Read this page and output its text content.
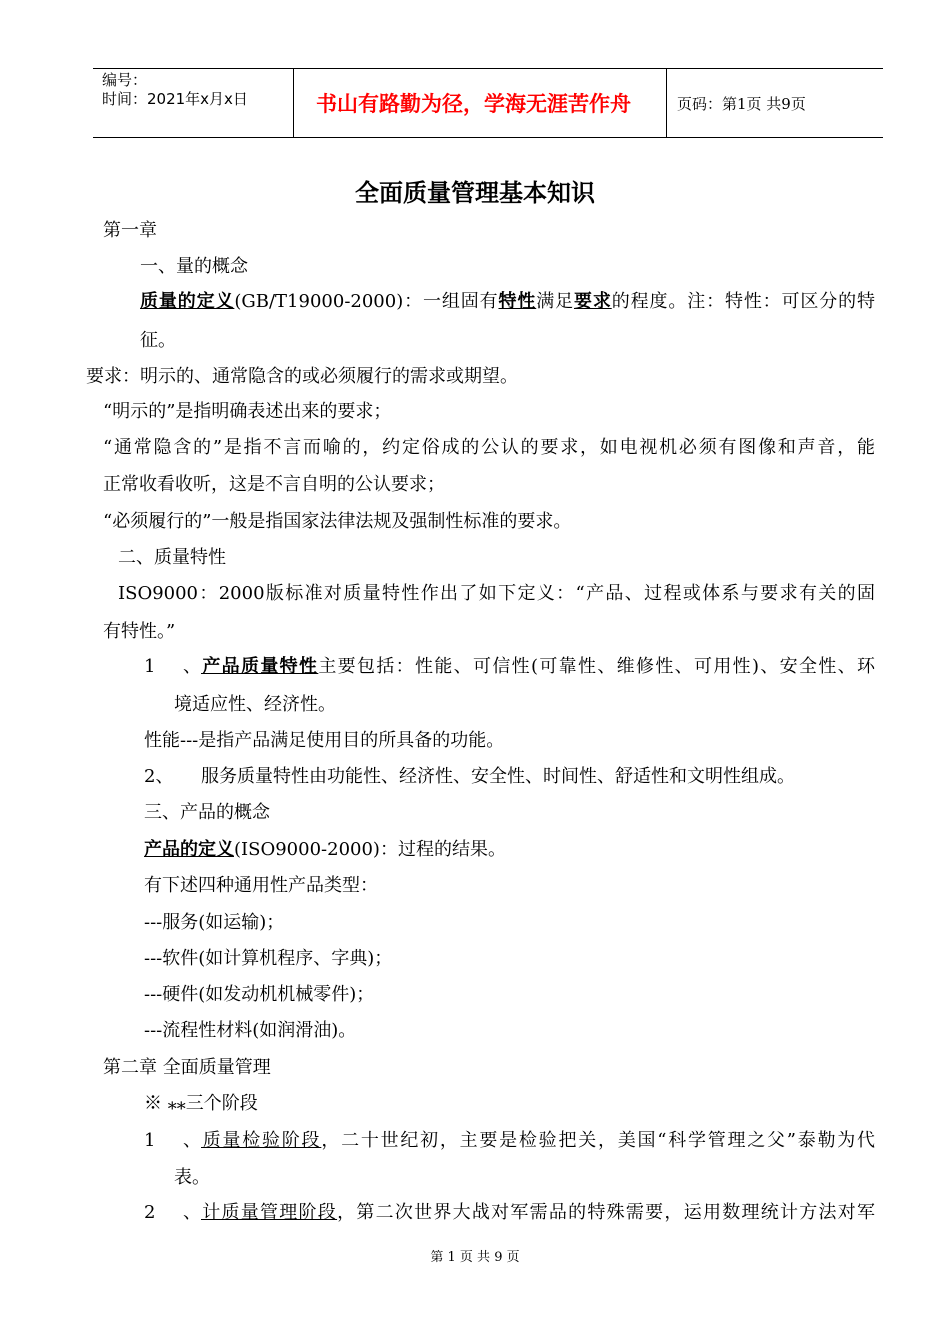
编号：
时间：2021年x月x日	书山有路勤为径，学海无涯苦作舟	页码：第1页 共9页
全面质量管理基本知识
第一章
一、量的概念
质量的定义(GB/T19000-2000)：一组固有特性满足要求的程度。注：特性：可区分的特
征。
要求：明示的、通常隐含的或必须履行的需求或期望。
“明示的”是指明确表述出来的要求；
“通常隐含的”是指不言而喻的，约定俗成的公认的要求，如电视机必须有图像和声音，能
正常收看收听，这是不言自明的公认要求；
“必须履行的”一般是指国家法律法规及强制性标准的要求。
二、质量特性
ISO9000：2000版标准对质量特性作出了如下定义：“产品、过程或体系与要求有关的固
有特性。”
1、产品质量特性主要包括：性能、可信性(可靠性、维修性、可用性)、安全性、环
境适应性、经济性。
性能---是指产品满足使用目的所具备的功能。
2、 服务质量特性由功能性、经济性、安全性、时间性、舒适性和文明性组成。
三、产品的概念
产品的定义(ISO9000-2000)：过程的结果。
有下述四种通用性产品类型：
---服务(如运输)；
---软件(如计算机程序、字典)；
---硬件(如发动机机械零件)；
---流程性材料(如润滑油)。
第二章 全面质量管理
※ ⁎⁎三个阶段
1、质量检验阶段，二十世纪初，主要是检验把关，美国“科学管理之父”泰勒为代
表。
2、计质量管理阶段，第二次世界大战对军需品的特殊需要，运用数理统计方法对军
第 1 页 共 9 页
